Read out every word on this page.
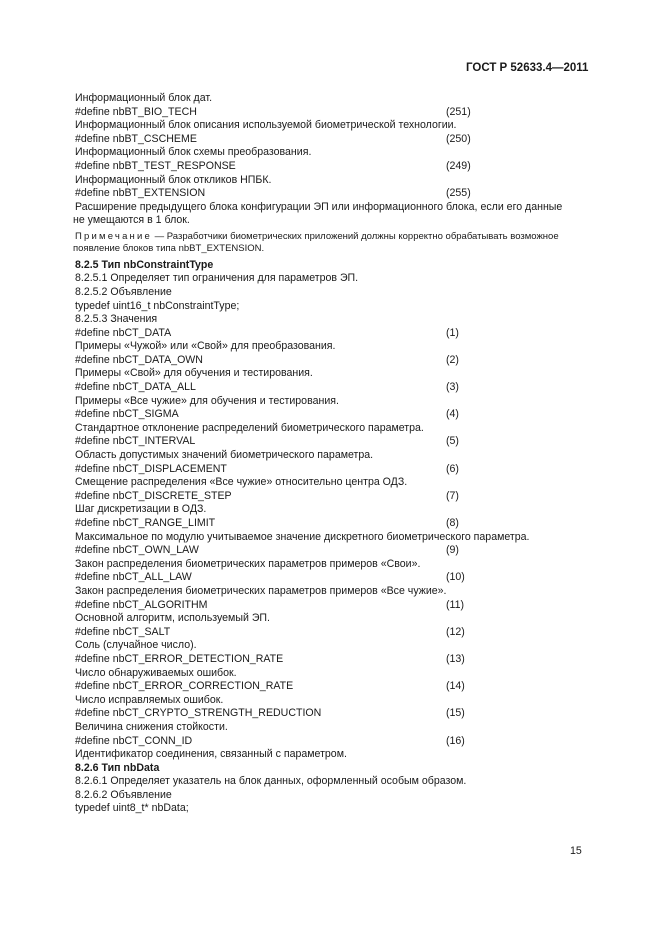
ГОСТ Р 52633.4—2011
Информационный блок дат.
#define nbBT_BIO_TECH	(251)
Информационный блок описания используемой биометрической технологии.
#define nbBT_CSCHEME	(250)
Информационный блок схемы преобразования.
#define nbBT_TEST_RESPONSE	(249)
Информационный блок откликов НПБК.
#define nbBT_EXTENSION	(255)
Расширение предыдущего блока конфигурации ЭП или информационного блока, если его данные
не умещаются в 1 блок.
Примечание — Разработчики биометрических приложений должны корректно обрабатывать возможное
появление блоков типа nbBT_EXTENSION.
8.2.5 Тип nbConstraintType
8.2.5.1 Определяет тип ограничения для параметров ЭП.
8.2.5.2 Объявление
typedef uint16_t nbConstraintType;
8.2.5.3 Значения
#define nbCT_DATA	(1)
Примеры «Чужой» или «Свой» для преобразования.
#define nbCT_DATA_OWN	(2)
Примеры «Свой» для обучения и тестирования.
#define nbCT_DATA_ALL	(3)
Примеры «Все чужие» для обучения и тестирования.
#define nbCT_SIGMA	(4)
Стандартное отклонение распределений биометрического параметра.
#define nbCT_INTERVAL	(5)
Область допустимых значений биометрического параметра.
#define nbCT_DISPLACEMENT	(6)
Смещение распределения «Все чужие» относительно центра ОДЗ.
#define nbCT_DISCRETE_STEP	(7)
Шаг дискретизации в ОДЗ.
#define nbCT_RANGE_LIMIT	(8)
Максимальное по модулю учитываемое значение дискретного биометрического параметра.
#define nbCT_OWN_LAW	(9)
Закон распределения биометрических параметров примеров «Свои».
#define nbCT_ALL_LAW	(10)
Закон распределения биометрических параметров примеров «Все чужие».
#define nbCT_ALGORITHM	(11)
Основной алгоритм, используемый ЭП.
#define nbCT_SALT	(12)
Соль (случайное число).
#define nbCT_ERROR_DETECTION_RATE	(13)
Число обнаруживаемых ошибок.
#define nbCT_ERROR_CORRECTION_RATE	(14)
Число исправляемых ошибок.
#define nbCT_CRYPTO_STRENGTH_REDUCTION	(15)
Величина снижения стойкости.
#define nbCT_CONN_ID	(16)
Идентификатор соединения, связанный с параметром.
8.2.6 Тип nbData
8.2.6.1 Определяет указатель на блок данных, оформленный особым образом.
8.2.6.2 Объявление
typedef uint8_t* nbData;
15
